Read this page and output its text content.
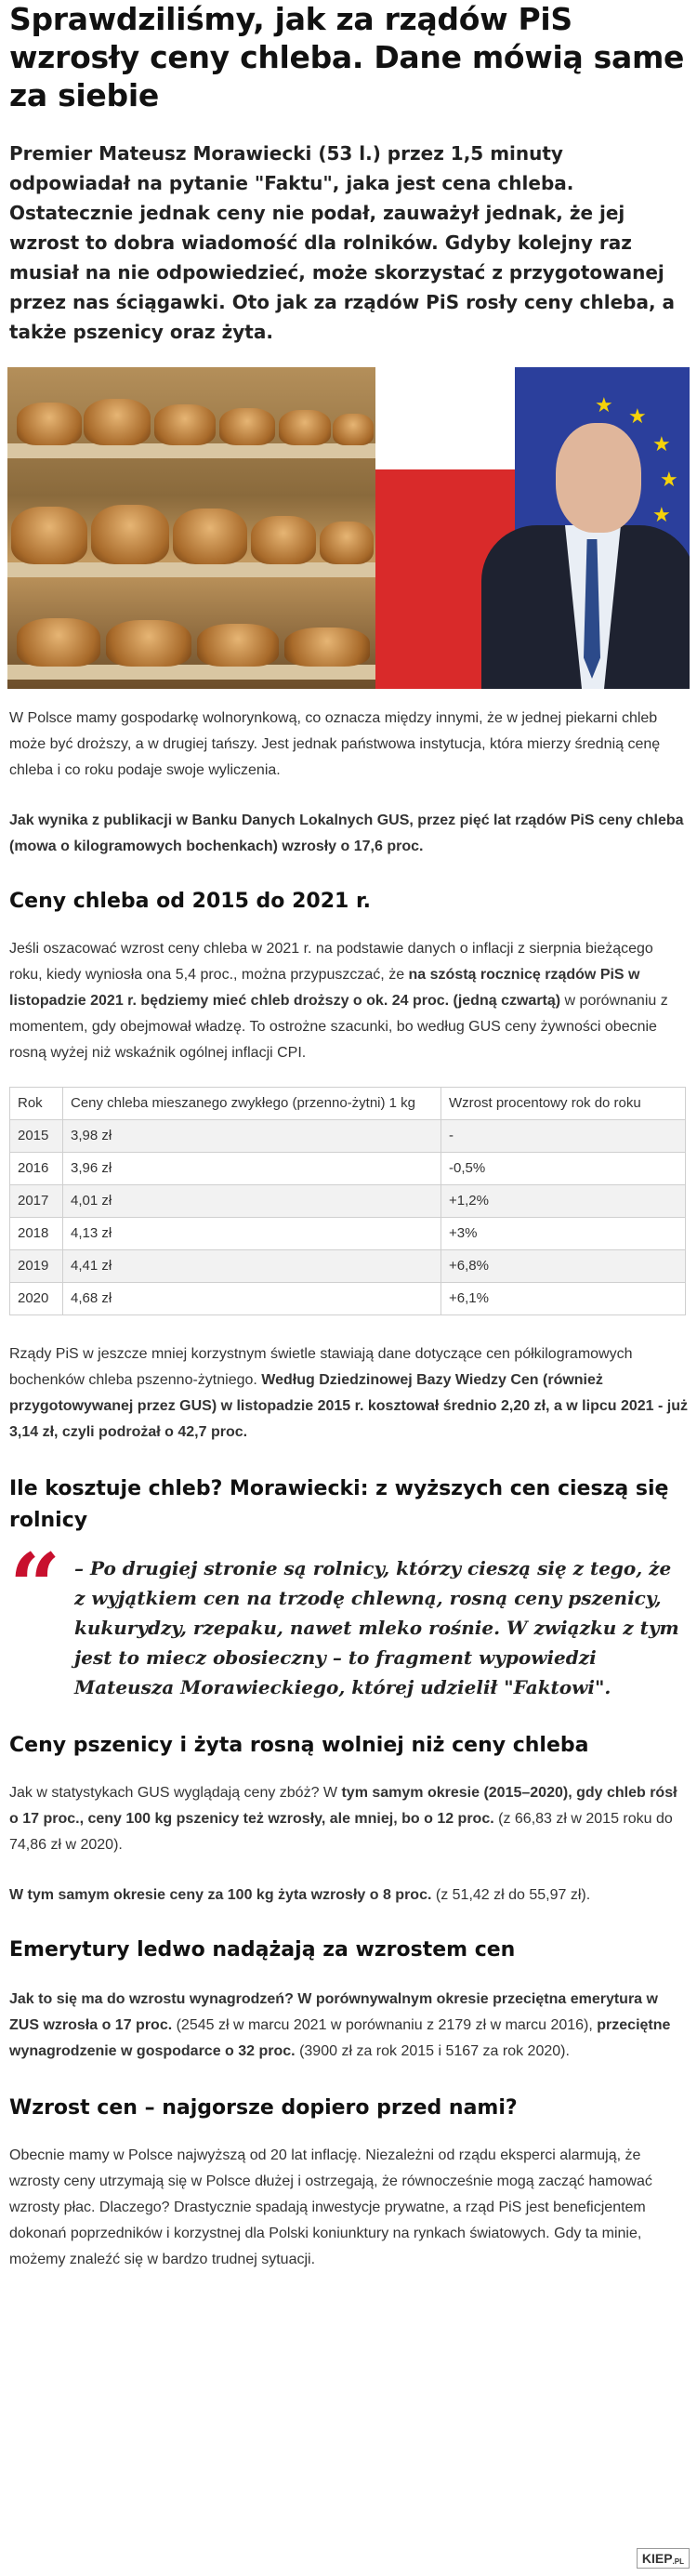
Sprawdziliśmy, jak za rządów PiS wzrosły ceny chleba. Dane mówią same za siebie

Premier Mateusz Morawiecki (53 l.) przez 1,5 minuty odpowiadał na pytanie "Faktu", jaka jest cena chleba. Ostatecznie jednak ceny nie podał, zauważył jednak, że jej wzrost to dobra wiadomość dla rolników. Gdyby kolejny raz musiał na nie odpowiedzieć, może skorzystać z przygotowanej przez nas ściągawki. Oto jak za rządów PiS rosły ceny chleba, a także pszenicy oraz żyta.

★ ★
★
★
★

W Polsce mamy gospodarkę wolnorynkową, co oznacza między innymi, że w jednej piekarni chleb może być droższy, a w drugiej tańszy. Jest jednak państwowa instytucja, która mierzy średnią cenę chleba i co roku podaje swoje wyliczenia.

Jak wynika z publikacji w Banku Danych Lokalnych GUS, przez pięć lat rządów PiS ceny chleba (mowa o kilogramowych bochenkach) wzrosły o 17,6 proc.

Ceny chleba od 2015 do 2021 r.

Jeśli oszacować wzrost ceny chleba w 2021 r. na podstawie danych o inflacji z sierpnia bieżącego roku, kiedy wyniosła ona 5,4 proc., można przypuszczać, że na szóstą rocznicę rządów PiS w listopadzie 2021 r. będziemy mieć chleb droższy o ok. 24 proc. (jedną czwartą) w porównaniu z momentem, gdy obejmował władzę. To ostrożne szacunki, bo według GUS ceny żywności obecnie rosną wyżej niż wskaźnik ogólnej inflacji CPI.

Rok	Ceny chleba mieszanego zwykłego (przenno-żytni) 1 kg	Wzrost procentowy rok do roku
2015	3,98 zł	-
2016	3,96 zł	-0,5%
2017	4,01 zł	+1,2%
2018	4,13 zł	+3%
2019	4,41 zł	+6,8%
2020	4,68 zł	+6,1%

Rządy PiS w jeszcze mniej korzystnym świetle stawiają dane dotyczące cen półkilogramowych bochenków chleba pszenno-żytniego. Według Dziedzinowej Bazy Wiedzy Cen (również przygotowywanej przez GUS) w listopadzie 2015 r. kosztował średnio 2,20 zł, a w lipcu 2021 - już 3,14 zł, czyli podrożał o 42,7 proc.

Ile kosztuje chleb? Morawiecki: z wyższych cen cieszą się rolnicy
“ – Po drugiej stronie są rolnicy, którzy cieszą się z tego, że z wyjątkiem cen na trzodę chlewną, rosną ceny pszenicy, kukurydzy, rzepaku, nawet mleko rośnie. W związku z tym jest to miecz obosieczny – to fragment wypowiedzi Mateusza Morawieckiego, której udzielił "Faktowi".
Ceny pszenicy i żyta rosną wolniej niż ceny chleba

Jak w statystykach GUS wyglądają ceny zbóż? W tym samym okresie (2015–2020), gdy chleb rósł o 17 proc., ceny 100 kg pszenicy też wzrosły, ale mniej, bo o 12 proc. (z 66,83 zł w 2015 roku do 74,86 zł w 2020).

W tym samym okresie ceny za 100 kg żyta wzrosły o 8 proc. (z 51,42 zł do 55,97 zł).

Emerytury ledwo nadążają za wzrostem cen

Jak to się ma do wzrostu wynagrodzeń? W porównywalnym okresie przeciętna emerytura w ZUS wzrosła o 17 proc. (2545 zł w marcu 2021 w porównaniu z 2179 zł w marcu 2016), przeciętne wynagrodzenie w gospodarce o 32 proc. (3900 zł za rok 2015 i 5167 za rok 2020).

Wzrost cen – najgorsze dopiero przed nami?

Obecnie mamy w Polsce najwyższą od 20 lat inflację. Niezależni od rządu eksperci alarmują, że wzrosty ceny utrzymają się w Polsce dłużej i ostrzegają, że równocześnie mogą zacząć hamować wzrosty płac. Dlaczego? Drastycznie spadają inwestycje prywatne, a rząd PiS jest beneficjentem dokonań poprzedników i korzystnej dla Polski koniunktury na rynkach światowych. Gdy ta minie, możemy znaleźć się w bardzo trudnej sytuacji.

KIEP.PL
